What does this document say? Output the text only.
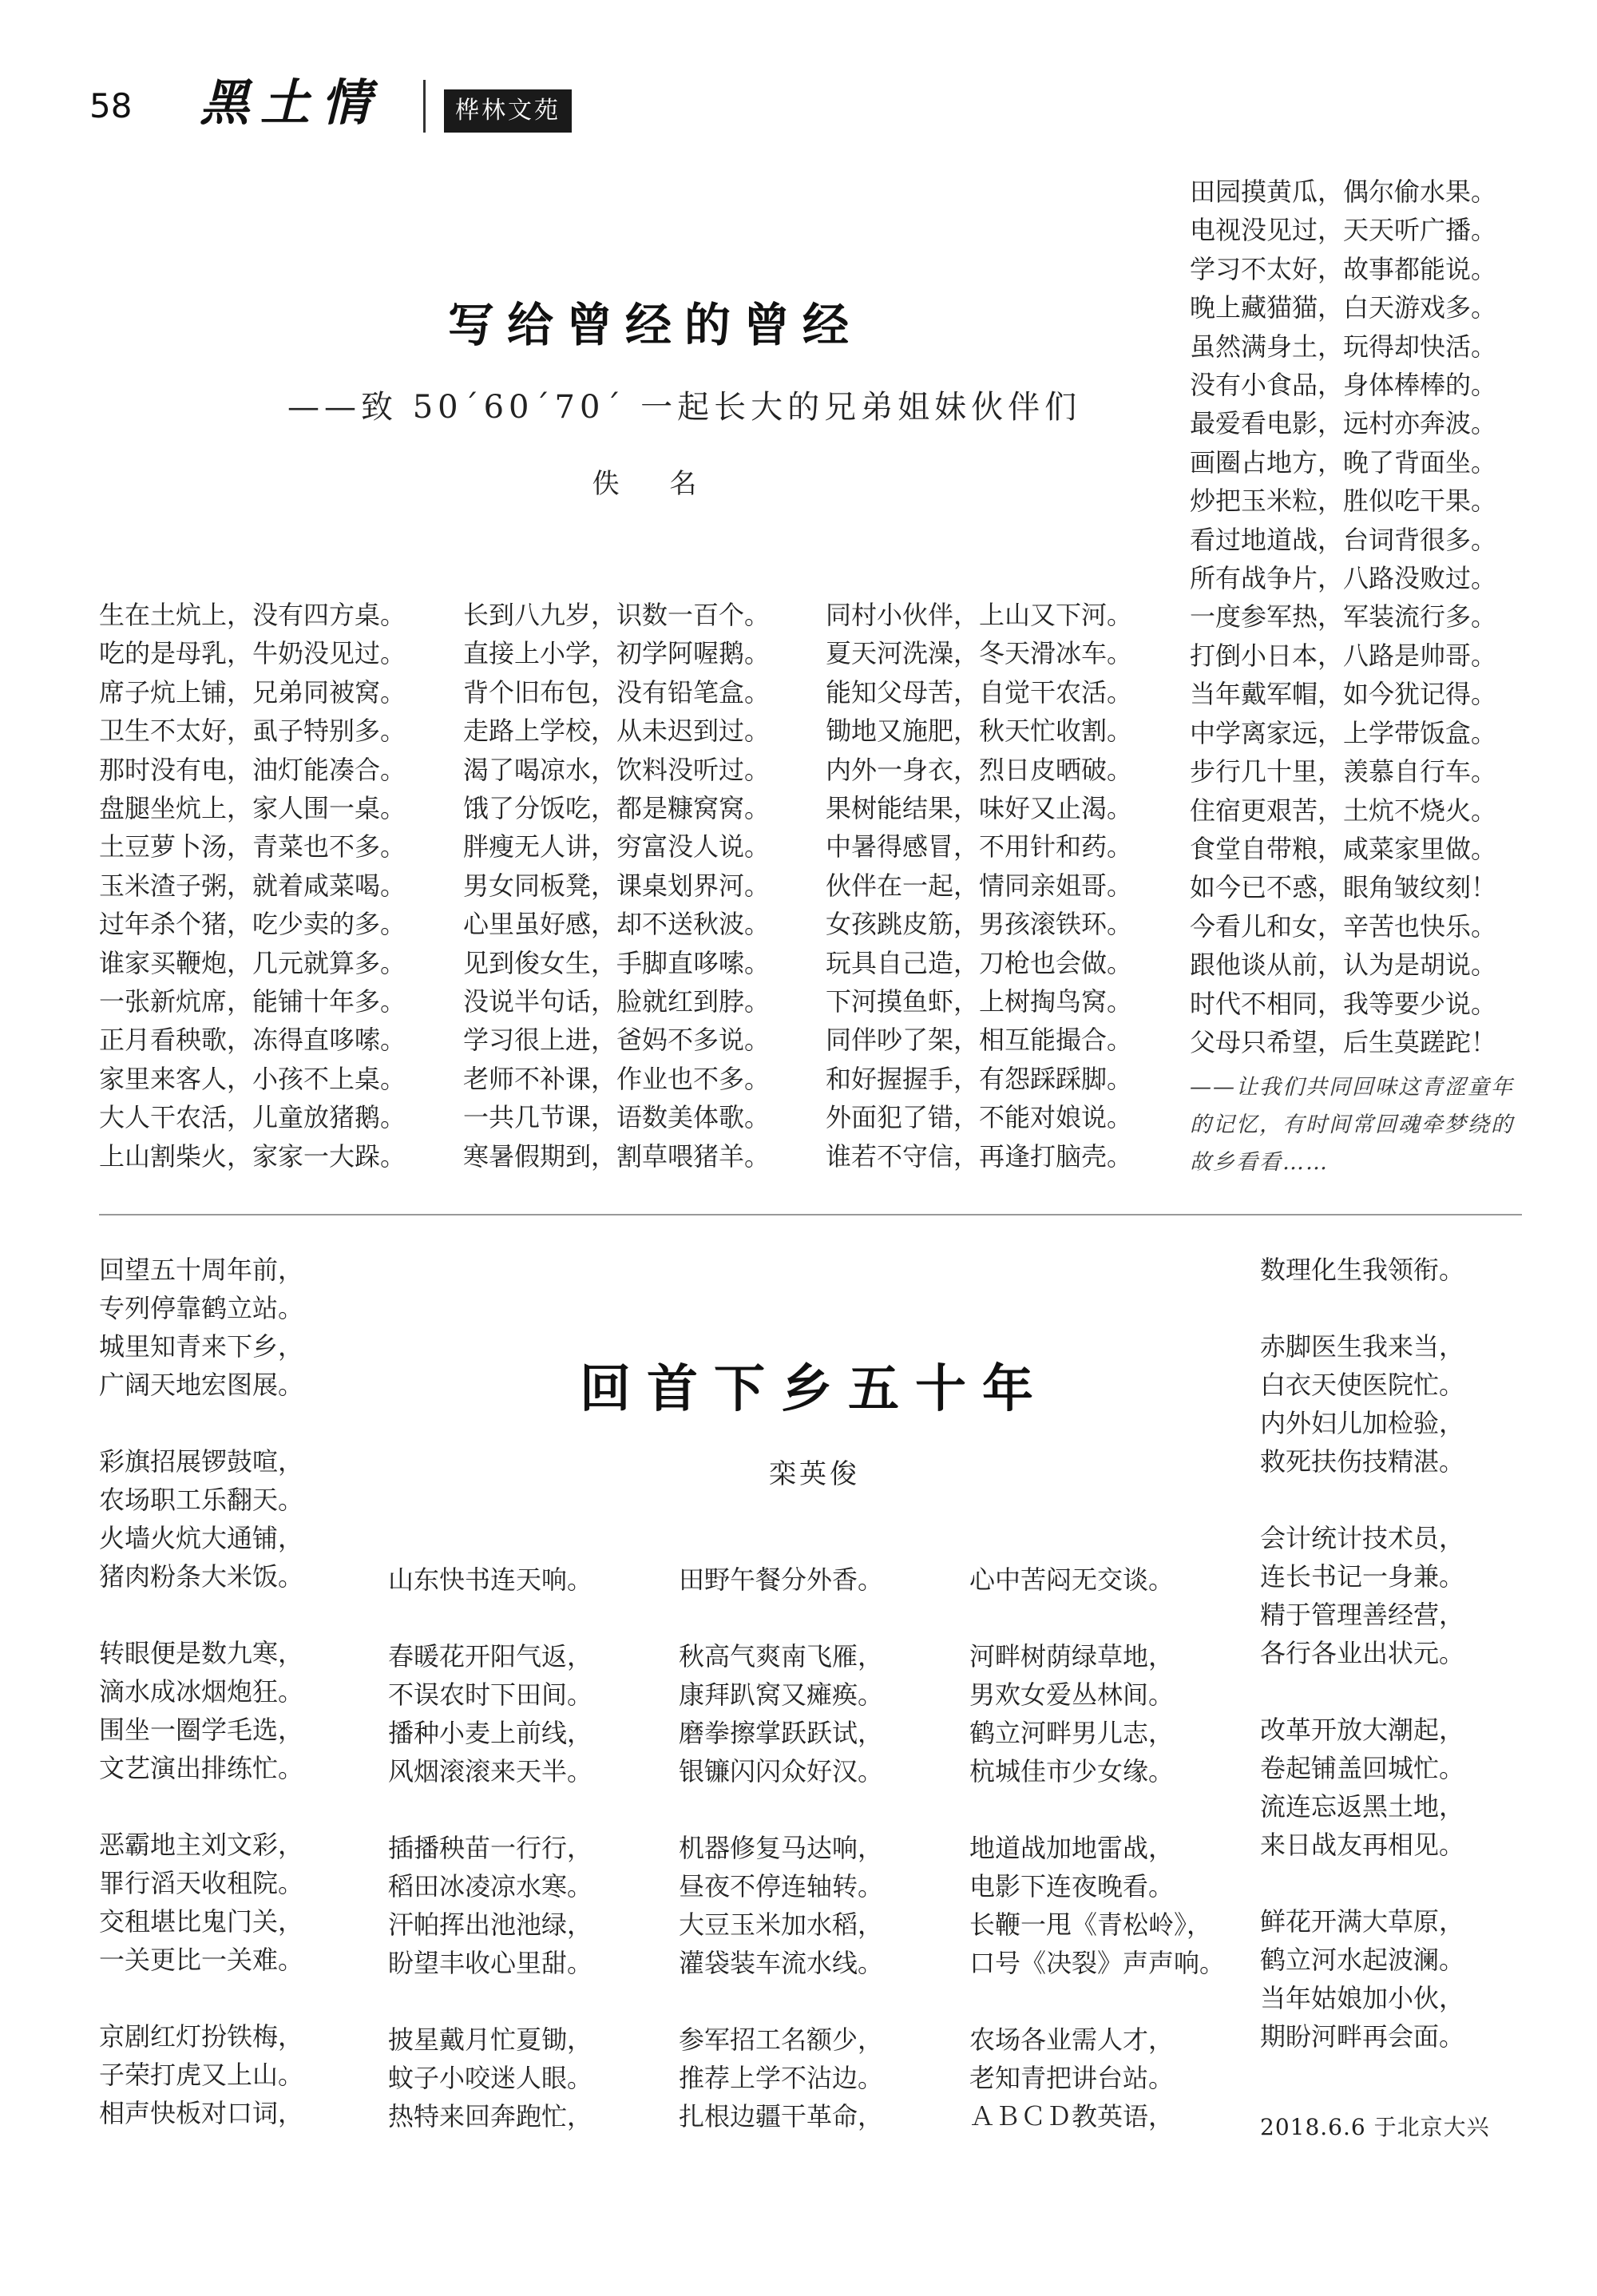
58 黑土情	桦林文苑
写给曾经的曾经
——致 50´60´70´ 一起长大的兄弟姐妹伙伴们
佚 名
生在土炕上，没有四方桌。
吃的是母乳，牛奶没见过。
席子炕上铺，兄弟同被窝。
卫生不太好，虱子特别多。
那时没有电，油灯能凑合。
盘腿坐炕上，家人围一桌。
土豆萝卜汤，青菜也不多。
玉米渣子粥，就着咸菜喝。
过年杀个猪，吃少卖的多。
谁家买鞭炮，几元就算多。
一张新炕席，能铺十年多。
正月看秧歌，冻得直哆嗦。
家里来客人，小孩不上桌。
大人干农活，儿童放猪鹅。
上山割柴火，家家一大跺。
长到八九岁，识数一百个。
直接上小学，初学阿喔鹅。
背个旧布包，没有铅笔盒。
走路上学校，从未迟到过。
渴了喝凉水，饮料没听过。
饿了分饭吃，都是糠窝窝。
胖瘦无人讲，穷富没人说。
男女同板凳，课桌划界河。
心里虽好感，却不送秋波。
见到俊女生，手脚直哆嗦。
没说半句话，脸就红到脖。
学习很上进，爸妈不多说。
老师不补课，作业也不多。
一共几节课，语数美体歌。
寒暑假期到，割草喂猪羊。
同村小伙伴，上山又下河。
夏天河洗澡，冬天滑冰车。
能知父母苦，自觉干农活。
锄地又施肥，秋天忙收割。
内外一身衣，烈日皮晒破。
果树能结果，味好又止渴。
中暑得感冒，不用针和药。
伙伴在一起，情同亲姐哥。
女孩跳皮筋，男孩滚铁环。
玩具自己造，刀枪也会做。
下河摸鱼虾，上树掏鸟窝。
同伴吵了架，相互能撮合。
和好握握手，有怨踩踩脚。
外面犯了错，不能对娘说。
谁若不守信，再逢打脑壳。
田园摸黄瓜，偶尔偷水果。
电视没见过，天天听广播。
学习不太好，故事都能说。
晚上藏猫猫，白天游戏多。
虽然满身土，玩得却快活。
没有小食品，身体棒棒的。
最爱看电影，远村亦奔波。
画圈占地方，晚了背面坐。
炒把玉米粒，胜似吃干果。
看过地道战，台词背很多。
所有战争片，八路没败过。
一度参军热，军装流行多。
打倒小日本，八路是帅哥。
当年戴军帽，如今犹记得。
中学离家远，上学带饭盒。
步行几十里，羡慕自行车。
住宿更艰苦，土炕不烧火。
食堂自带粮，咸菜家里做。
如今已不惑，眼角皱纹刻！
今看儿和女，辛苦也快乐。
跟他谈从前，认为是胡说。
时代不相同，我等要少说。
父母只希望，后生莫蹉跎！
——让我们共同回味这青涩童年的记忆，有时间常回魂牵梦绕的故乡看看……
回首下乡五十年
栾英俊
回望五十周年前，
专列停靠鹤立站。
城里知青来下乡，
广阔天地宏图展。

彩旗招展锣鼓喧，
农场职工乐翻天。
火墙火炕大通铺，
猪肉粉条大米饭。

转眼便是数九寒，
滴水成冰烟炮狂。
围坐一圈学毛选，
文艺演出排练忙。

恶霸地主刘文彩，
罪行滔天收租院。
交租堪比鬼门关，
一关更比一关难。

京剧红灯扮铁梅，
子荣打虎又上山。
相声快板对口词，
山东快书连天响。

春暖花开阳气返，
不误农时下田间。
播种小麦上前线，
风烟滚滚来天半。

插播秧苗一行行，
稻田冰凌凉水寒。
汗帕挥出池池绿，
盼望丰收心里甜。

披星戴月忙夏锄，
蚊子小咬迷人眼。
热特来回奔跑忙，
田野午餐分外香。

秋高气爽南飞雁，
康拜趴窝又瘫痪。
磨拳擦掌跃跃试，
银镰闪闪众好汉。

机器修复马达响，
昼夜不停连轴转。
大豆玉米加水稻，
灌袋装车流水线。

参军招工名额少，
推荐上学不沾边。
扎根边疆干革命，
心中苦闷无交谈。

河畔树荫绿草地，
男欢女爱丛林间。
鹤立河畔男儿志，
杭城佳市少女缘。

地道战加地雷战，
电影下连夜晚看。
长鞭一甩《青松岭》，
口号《决裂》声声响。

农场各业需人才，
老知青把讲台站。
ＡＢＣＤ教英语，
数理化生我领衔。

赤脚医生我来当，
白衣天使医院忙。
内外妇儿加检验，
救死扶伤技精湛。

会计统计技术员，
连长书记一身兼。
精于管理善经营，
各行各业出状元。

改革开放大潮起，
卷起铺盖回城忙。
流连忘返黑土地，
来日战友再相见。

鲜花开满大草原，
鹤立河水起波澜。
当年姑娘加小伙，
期盼河畔再会面。
2018.6.6 于北京大兴
